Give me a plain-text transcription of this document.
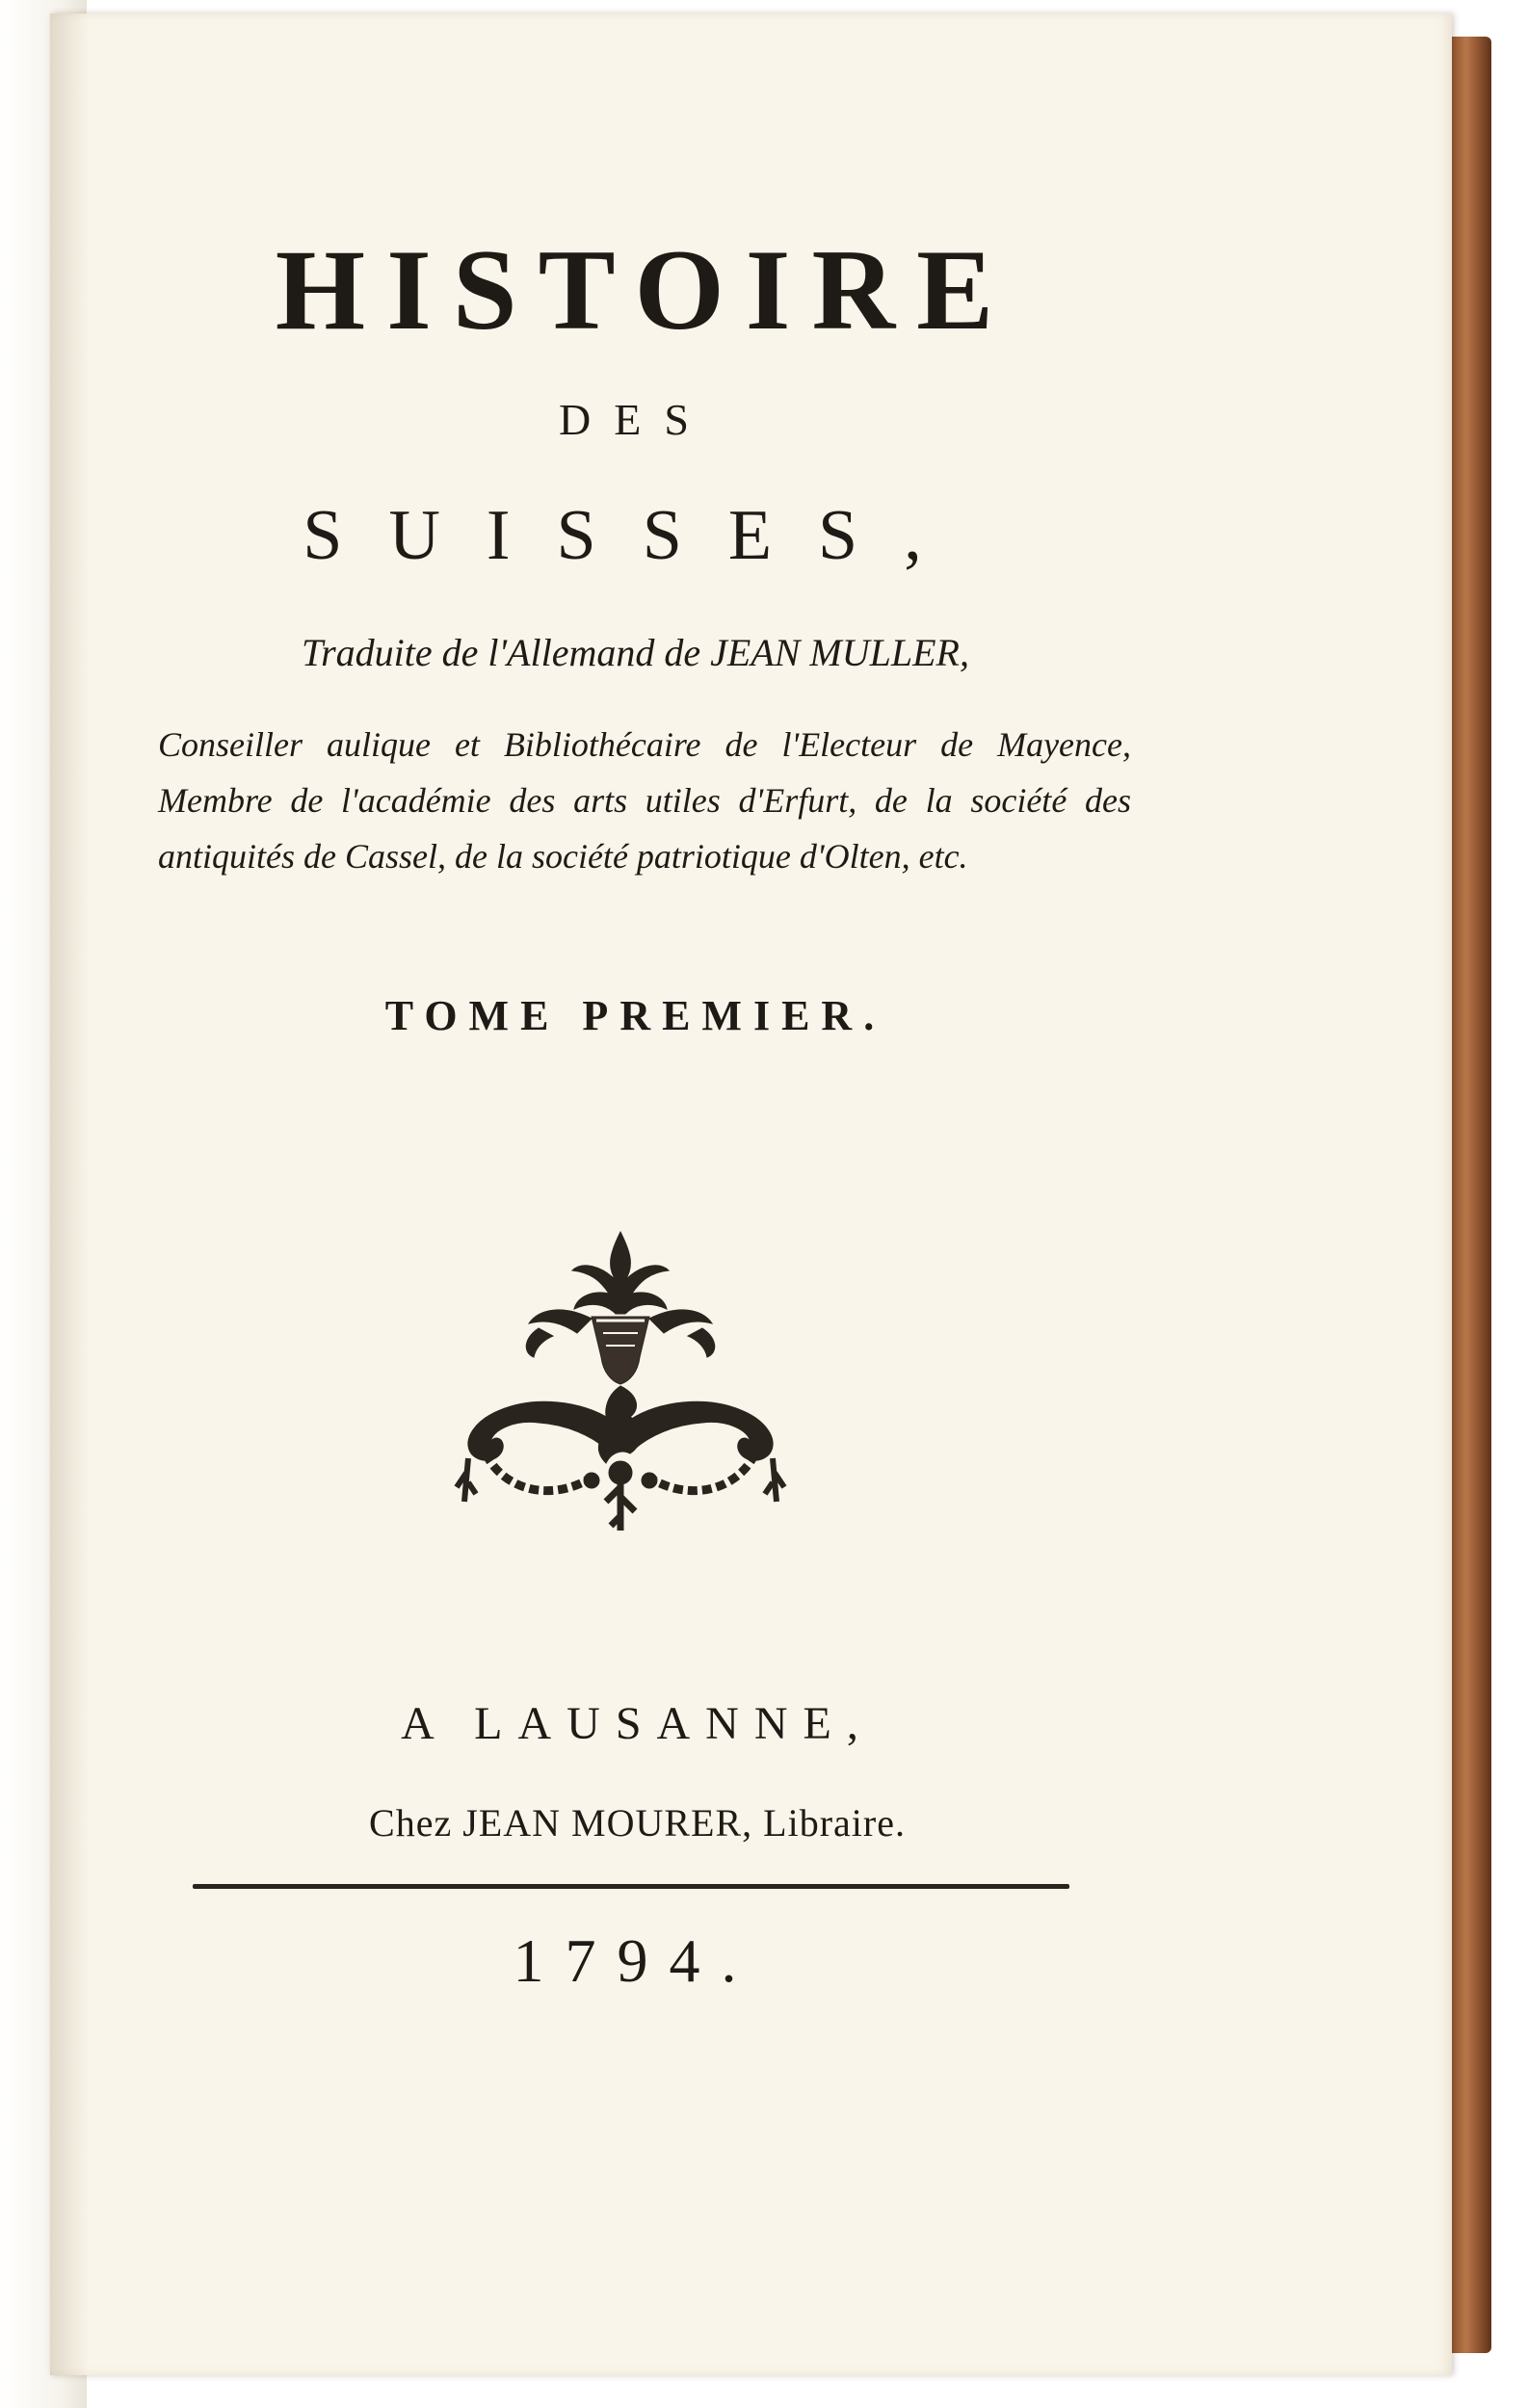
HISTOIRE
DES
SUISSES,
Traduite de l'Allemand de JEAN MULLER,
Conseiller aulique et Bibliothécaire de l'Electeur de Mayence, Membre de l'académie des arts utiles d'Erfurt, de la société des antiquités de Cassel, de la société patriotique d'Olten, etc.
TOME PREMIER.
A LAUSANNE,
Chez JEAN MOURER, Libraire.
1794.
